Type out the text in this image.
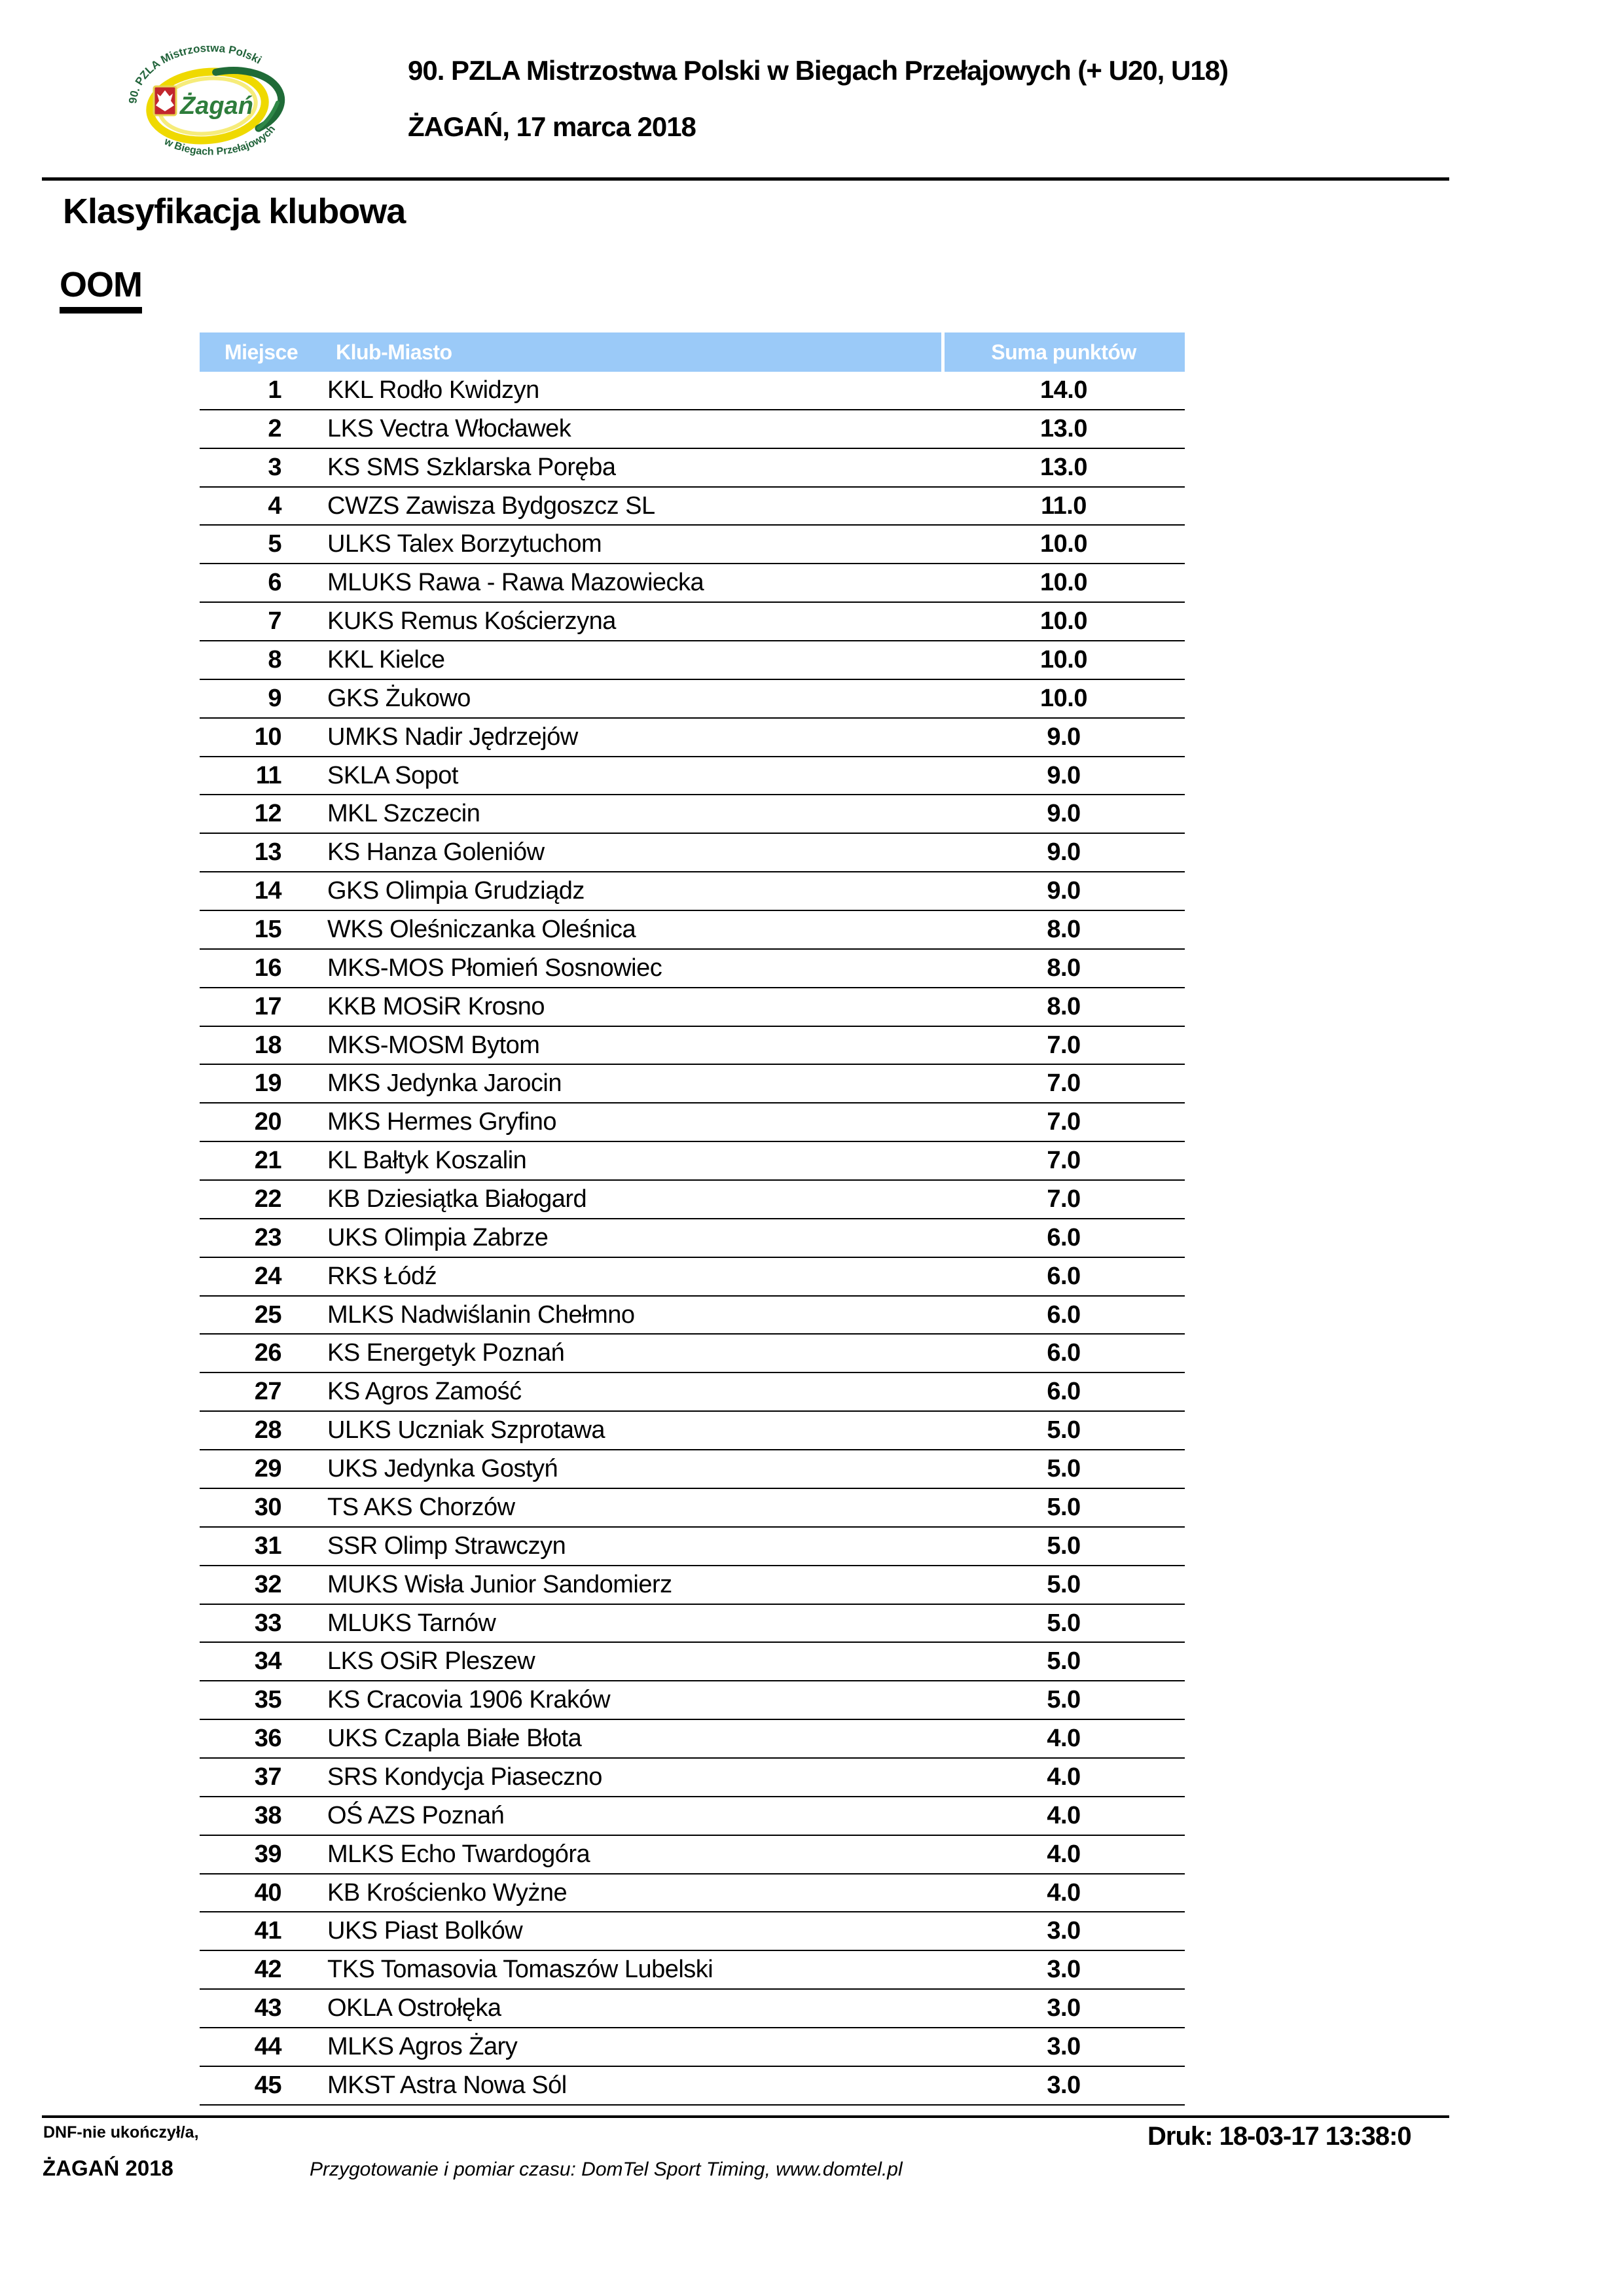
Żagań
90. PZLA Mistrzostwa Polski
w Biegach Przełajowych
90. PZLA Mistrzostwa Polski w Biegach Przełajowych (+ U20, U18)
ŻAGAŃ, 17 marca 2018
Klasyfikacja klubowa
OOM
Miejsce Klub-Miasto	Suma punktów
1 KKL Rodło Kwidzyn	14.0
2 LKS Vectra Włocławek	13.0
3 KS SMS Szklarska Poręba	13.0
4 CWZS Zawisza Bydgoszcz SL	11.0
5 ULKS Talex Borzytuchom	10.0
6 MLUKS Rawa - Rawa Mazowiecka	10.0
7 KUKS Remus Kościerzyna	10.0
8 KKL Kielce	10.0
9 GKS Żukowo	10.0
10 UMKS Nadir Jędrzejów	9.0
11 SKLA Sopot	9.0
12 MKL Szczecin	9.0
13 KS Hanza Goleniów	9.0
14 GKS Olimpia Grudziądz	9.0
15 WKS Oleśniczanka Oleśnica	8.0
16 MKS-MOS Płomień Sosnowiec	8.0
17 KKB MOSiR Krosno	8.0
18 MKS-MOSM Bytom	7.0
19 MKS Jedynka Jarocin	7.0
20 MKS Hermes Gryfino	7.0
21 KL Bałtyk Koszalin	7.0
22 KB Dziesiątka Białogard	7.0
23 UKS Olimpia Zabrze	6.0
24 RKS Łódź	6.0
25 MLKS Nadwiślanin Chełmno	6.0
26 KS Energetyk Poznań	6.0
27 KS Agros Zamość	6.0
28 ULKS Uczniak Szprotawa	5.0
29 UKS Jedynka Gostyń	5.0
30 TS AKS Chorzów	5.0
31 SSR Olimp Strawczyn	5.0
32 MUKS Wisła Junior Sandomierz	5.0
33 MLUKS Tarnów	5.0
34 LKS OSiR Pleszew	5.0
35 KS Cracovia 1906 Kraków	5.0
36 UKS Czapla Białe Błota	4.0
37 SRS Kondycja Piaseczno	4.0
38 OŚ AZS Poznań	4.0
39 MLKS Echo Twardogóra	4.0
40 KB Krościenko Wyżne	4.0
41 UKS Piast Bolków	3.0
42 TKS Tomasovia Tomaszów Lubelski	3.0
43 OKLA Ostrołęka	3.0
44 MLKS Agros Żary	3.0
45 MKST Astra Nowa Sól	3.0
DNF-nie ukończył/a,	Druk: 18-03-17 13:38:0
ŻAGAŃ 2018	Przygotowanie i pomiar czasu: DomTel Sport Timing, www.domtel.pl
